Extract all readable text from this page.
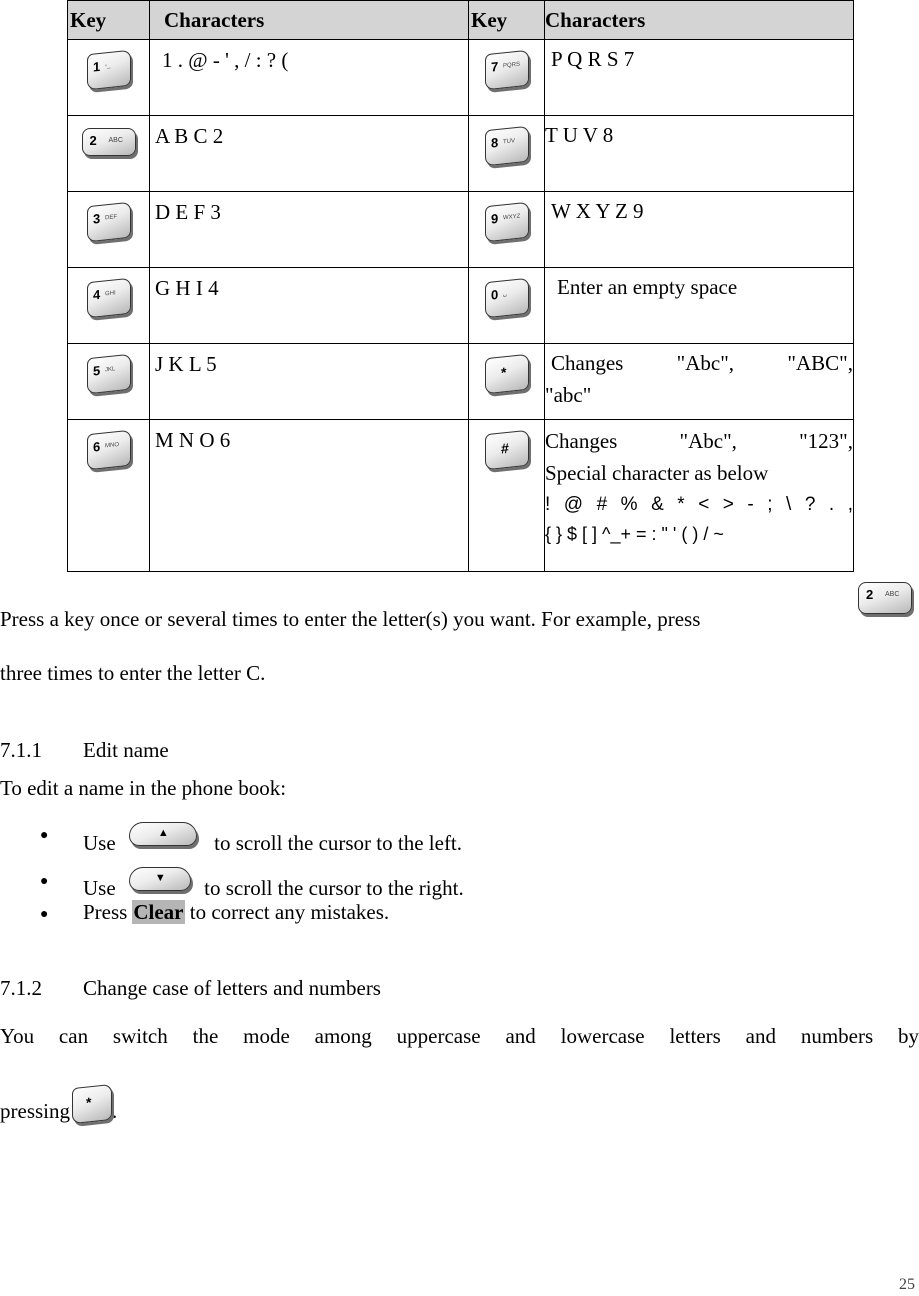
Key	Characters	Key	Characters

1 ◦_	1 . @ - ' , / : ? (	7 PQRS	P Q R S 7

2 ABC	A B C 2	8 TUV	T U V 8

3 DEF	D E F 3	9 WXYZ	W X Y Z 9

4 GHI	G H I 4	0 ␣	Enter an empty space

5 JKL	J K L 5	*	Changes "Abc", "ABC",
"abc"

6 MNO	M N O 6	#	Changes "Abc", "123",
Special character as below
! @ # % & * < > - ; \ ? . ,
{ } $ [ ] ^_+ = : " ' ( ) / ~
Press a key once or several times to enter the letter(s) you want. For example, press
2 ABC
three times to enter the letter C.
7.1.1 Edit name
To edit a name in the phone book:
● Use	▲ to scroll the cursor to the left.
● Use	▼ to scroll the cursor to the right.
● Press Clear to correct any mistakes.
7.1.2 Change case of letters and numbers
You can switch the mode among uppercase and lowercase letters and numbers by
pressing * .
25
